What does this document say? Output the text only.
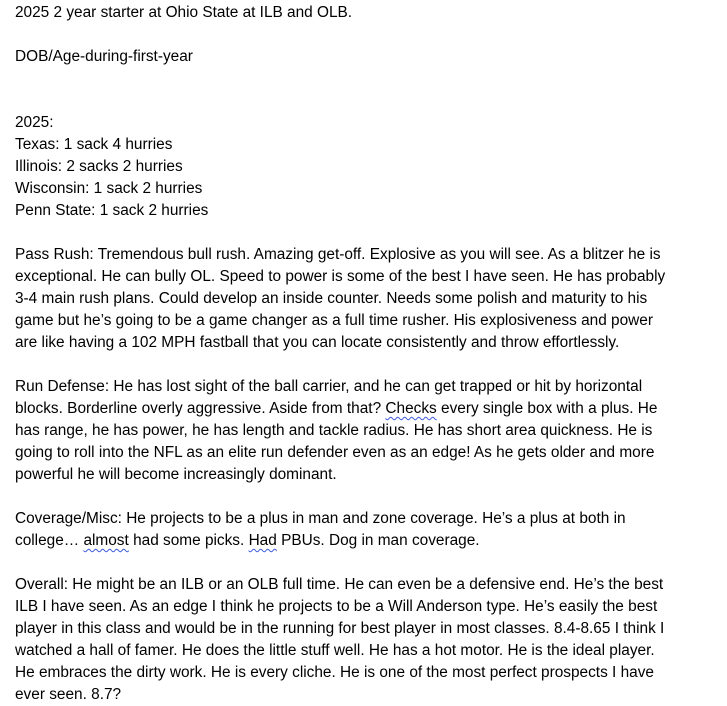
2025 2 year starter at Ohio State at ILB and OLB.

DOB/Age-during-first-year

2025:
Texas: 1 sack 4 hurries
Illinois: 2 sacks 2 hurries
Wisconsin: 1 sack 2 hurries
Penn State: 1 sack 2 hurries
Pass Rush: Tremendous bull rush. Amazing get-off. Explosive as you will see. As a blitzer he is
exceptional. He can bully OL. Speed to power is some of the best I have seen. He has probably
3-4 main rush plans. Could develop an inside counter. Needs some polish and maturity to his
game but he’s going to be a game changer as a full time rusher. His explosiveness and power
are like having a 102 MPH fastball that you can locate consistently and throw effortlessly.
Run Defense: He has lost sight of the ball carrier, and he can get trapped or hit by horizontal
blocks. Borderline overly aggressive. Aside from that? Checks every single box with a plus. He
has range, he has power, he has length and tackle radius. He has short area quickness. He is
going to roll into the NFL as an elite run defender even as an edge! As he gets older and more
powerful he will become increasingly dominant.
Coverage/Misc: He projects to be a plus in man and zone coverage. He’s a plus at both in
college… almost had some picks. Had PBUs. Dog in man coverage.
Overall: He might be an ILB or an OLB full time. He can even be a defensive end. He’s the best
ILB I have seen. As an edge I think he projects to be a Will Anderson type. He’s easily the best
player in this class and would be in the running for best player in most classes. 8.4-8.65 I think I
watched a hall of famer. He does the little stuff well. He has a hot motor. He is the ideal player.
He embraces the dirty work. He is every cliche. He is one of the most perfect prospects I have
ever seen. 8.7?
